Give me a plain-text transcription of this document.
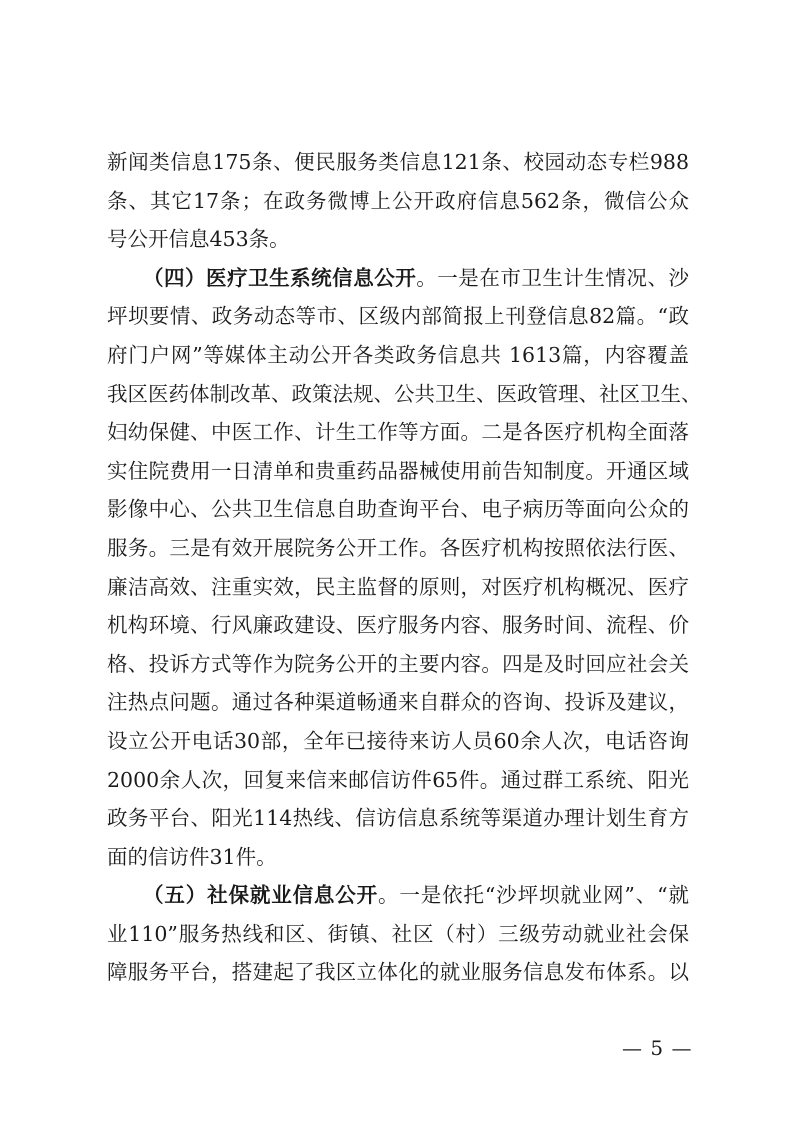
新闻类信息175条、便民服务类信息121条、校园动态专栏988
条、其它17条；在政务微博上公开政府信息562条，微信公众
号公开信息453条。
（四）医疗卫生系统信息公开。一是在市卫生计生情况、沙
坪坝要情、政务动态等市、区级内部简报上刊登信息82篇。“政
府门户网”等媒体主动公开各类政务信息共 1613篇，内容覆盖
我区医药体制改革、政策法规、公共卫生、医政管理、社区卫生、
妇幼保健、中医工作、计生工作等方面。二是各医疗机构全面落
实住院费用一日清单和贵重药品器械使用前告知制度。开通区域
影像中心、公共卫生信息自助查询平台、电子病历等面向公众的
服务。三是有效开展院务公开工作。各医疗机构按照依法行医、
廉洁高效、注重实效，民主监督的原则，对医疗机构概况、医疗
机构环境、行风廉政建设、医疗服务内容、服务时间、流程、价
格、投诉方式等作为院务公开的主要内容。四是及时回应社会关
注热点问题。通过各种渠道畅通来自群众的咨询、投诉及建议，
设立公开电话30部，全年已接待来访人员60余人次，电话咨询
2000余人次，回复来信来邮信访件65件。通过群工系统、阳光
政务平台、阳光114热线、信访信息系统等渠道办理计划生育方
面的信访件31件。
（五）社保就业信息公开。一是依托“沙坪坝就业网”、“就
业110”服务热线和区、街镇、社区（村）三级劳动就业社会保
障服务平台，搭建起了我区立体化的就业服务信息发布体系。以
— 5 —
